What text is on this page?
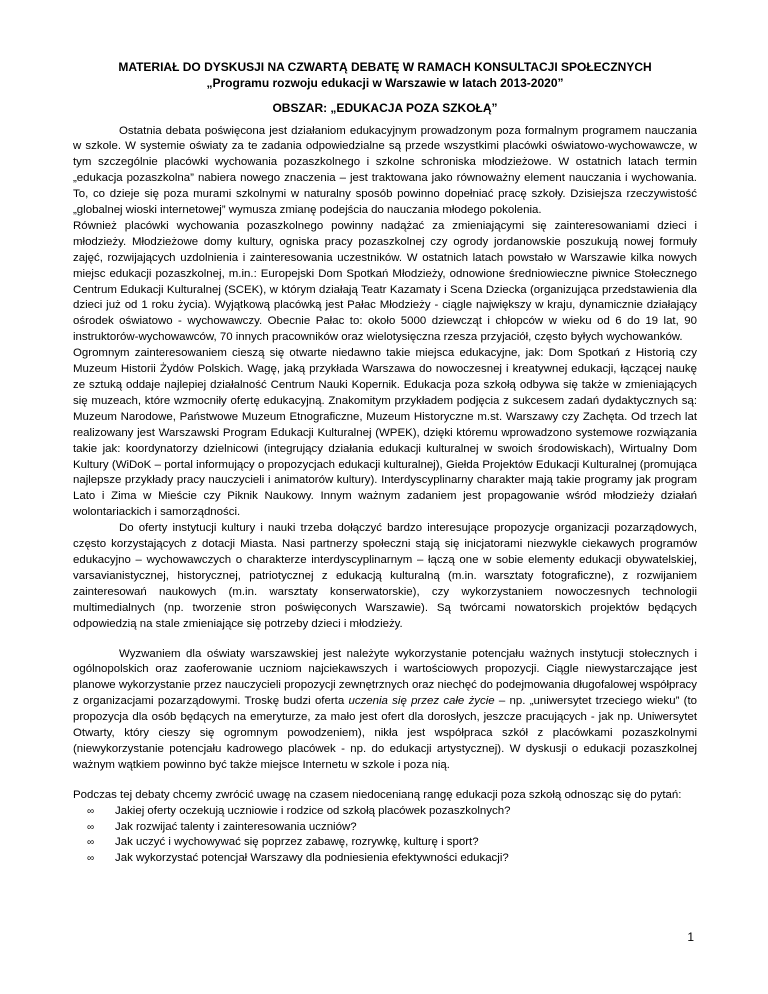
MATERIAŁ DO DYSKUSJI NA CZWARTĄ DEBATĘ W RAMACH KONSULTACJI SPOŁECZNYCH

„Programu rozwoju edukacji w Warszawie w latach 2013-2020”

OBSZAR: „EDUKACJA POZA SZKOŁĄ”

Ostatnia debata poświęcona jest działaniom edukacyjnym prowadzonym poza formalnym programem nauczania w szkole. W systemie oświaty za te zadania odpowiedzialne są przede wszystkimi placówki oświatowo-wychowawcze, w tym szczególnie placówki wychowania pozaszkolnego i szkolne schroniska młodzieżowe. W ostatnich latach termin „edukacja pozaszkolna” nabiera nowego znaczenia – jest traktowana jako równoważny element nauczania i wychowania. To, co dzieje się poza murami szkolnymi w naturalny sposób powinno dopełniać pracę szkoły. Dzisiejsza rzeczywistość „globalnej wioski internetowej” wymusza zmianę podejścia do nauczania młodego pokolenia.

Również placówki wychowania pozaszkolnego powinny nadążać za zmieniającymi się zainteresowaniami dzieci i młodzieży. Młodzieżowe domy kultury, ogniska pracy pozaszkolnej czy ogrody jordanowskie poszukują nowej formuły zajęć, rozwijających uzdolnienia i zainteresowania uczestników. W ostatnich latach powstało w Warszawie kilka nowych miejsc edukacji pozaszkolnej, m.in.: Europejski Dom Spotkań Młodzieży, odnowione średniowieczne piwnice Stołecznego Centrum Edukacji Kulturalnej (SCEK), w którym działają Teatr Kazamaty i Scena Dziecka (organizująca przedstawienia dla dzieci już od 1 roku życia). Wyjątkową placówką jest Pałac Młodzieży - ciągle największy w kraju, dynamicznie działający ośrodek oświatowo - wychowawczy. Obecnie Pałac to: około 5000 dziewcząt i chłopców w wieku od 6 do 19 lat, 90 instruktorów-wychowawców, 70 innych pracowników oraz wielotysięczna rzesza przyjaciół, często byłych wychowanków.

Ogromnym zainteresowaniem cieszą się otwarte niedawno takie miejsca edukacyjne, jak: Dom Spotkań z Historią czy Muzeum Historii Żydów Polskich. Wagę, jaką przykłada Warszawa do nowoczesnej i kreatywnej edukacji, łączącej naukę ze sztuką oddaje najlepiej działalność Centrum Nauki Kopernik. Edukacja poza szkołą odbywa się także w zmieniających się muzeach, które wzmocniły ofertę edukacyjną. Znakomitym przykładem podjęcia z sukcesem zadań dydaktycznych są: Muzeum Narodowe, Państwowe Muzeum Etnograficzne, Muzeum Historyczne m.st. Warszawy czy Zachęta. Od trzech lat realizowany jest Warszawski Program Edukacji Kulturalnej (WPEK), dzięki któremu wprowadzono systemowe rozwiązania takie jak: koordynatorzy dzielnicowi (integrujący działania edukacji kulturalnej w swoich środowiskach), Wirtualny Dom Kultury (WiDoK – portal informujący o propozycjach edukacji kulturalnej), Giełda Projektów Edukacji Kulturalnej (promująca najlepsze przykłady pracy nauczycieli i animatorów kultury). Interdyscyplinarny charakter mają takie programy jak program Lato i Zima w Mieście czy Piknik Naukowy. Innym ważnym zadaniem jest propagowanie wśród młodzieży działań wolontariackich i samorządności.

Do oferty instytucji kultury i nauki trzeba dołączyć bardzo interesujące propozycje organizacji pozarządowych, często korzystających z dotacji Miasta. Nasi partnerzy społeczni stają się inicjatorami niezwykle ciekawych programów edukacyjno – wychowawczych o charakterze interdyscyplinarnym – łączą one w sobie elementy edukacji obywatelskiej, varsavianistycznej, historycznej, patriotycznej z edukacją kulturalną (m.in. warsztaty fotograficzne), z rozwijaniem zainteresowań naukowych (m.in. warsztaty konserwatorskie), czy wykorzystaniem nowoczesnych technologii multimedialnych (np. tworzenie stron poświęconych Warszawie). Są twórcami nowatorskich projektów będących odpowiedzią na stale zmieniające się potrzeby dzieci i młodzieży.

Wyzwaniem dla oświaty warszawskiej jest należyte wykorzystanie potencjału ważnych instytucji stołecznych i ogólnopolskich oraz zaoferowanie uczniom najciekawszych i wartościowych propozycji. Ciągle niewystarczające jest planowe wykorzystanie przez nauczycieli propozycji zewnętrznych oraz niechęć do podejmowania długofalowej współpracy z organizacjami pozarządowymi. Troskę budzi oferta uczenia się przez całe życie – np. „uniwersytet trzeciego wieku” (to propozycja dla osób będących na emeryturze, za mało jest ofert dla dorosłych, jeszcze pracujących - jak np. Uniwersytet Otwarty, który cieszy się ogromnym powodzeniem), nikła jest współpraca szkół z placówkami pozaszkolnymi (niewykorzystanie potencjału kadrowego placówek - np. do edukacji artystycznej). W dyskusji o edukacji pozaszkolnej ważnym wątkiem powinno być także miejsce Internetu w szkole i poza nią.

Podczas tej debaty chcemy zwrócić uwagę na czasem niedocenianą rangę edukacji poza szkołą odnosząc się do pytań:

∞	Jakiej oferty oczekują uczniowie i rodzice od szkołą placówek pozaszkolnych?
∞	Jak rozwijać talenty i zainteresowania uczniów?
∞	Jak uczyć i wychowywać się poprzez zabawę, rozrywkę, kulturę i sport?
∞	Jak wykorzystać potencjał Warszawy dla podniesienia efektywności edukacji?
1
